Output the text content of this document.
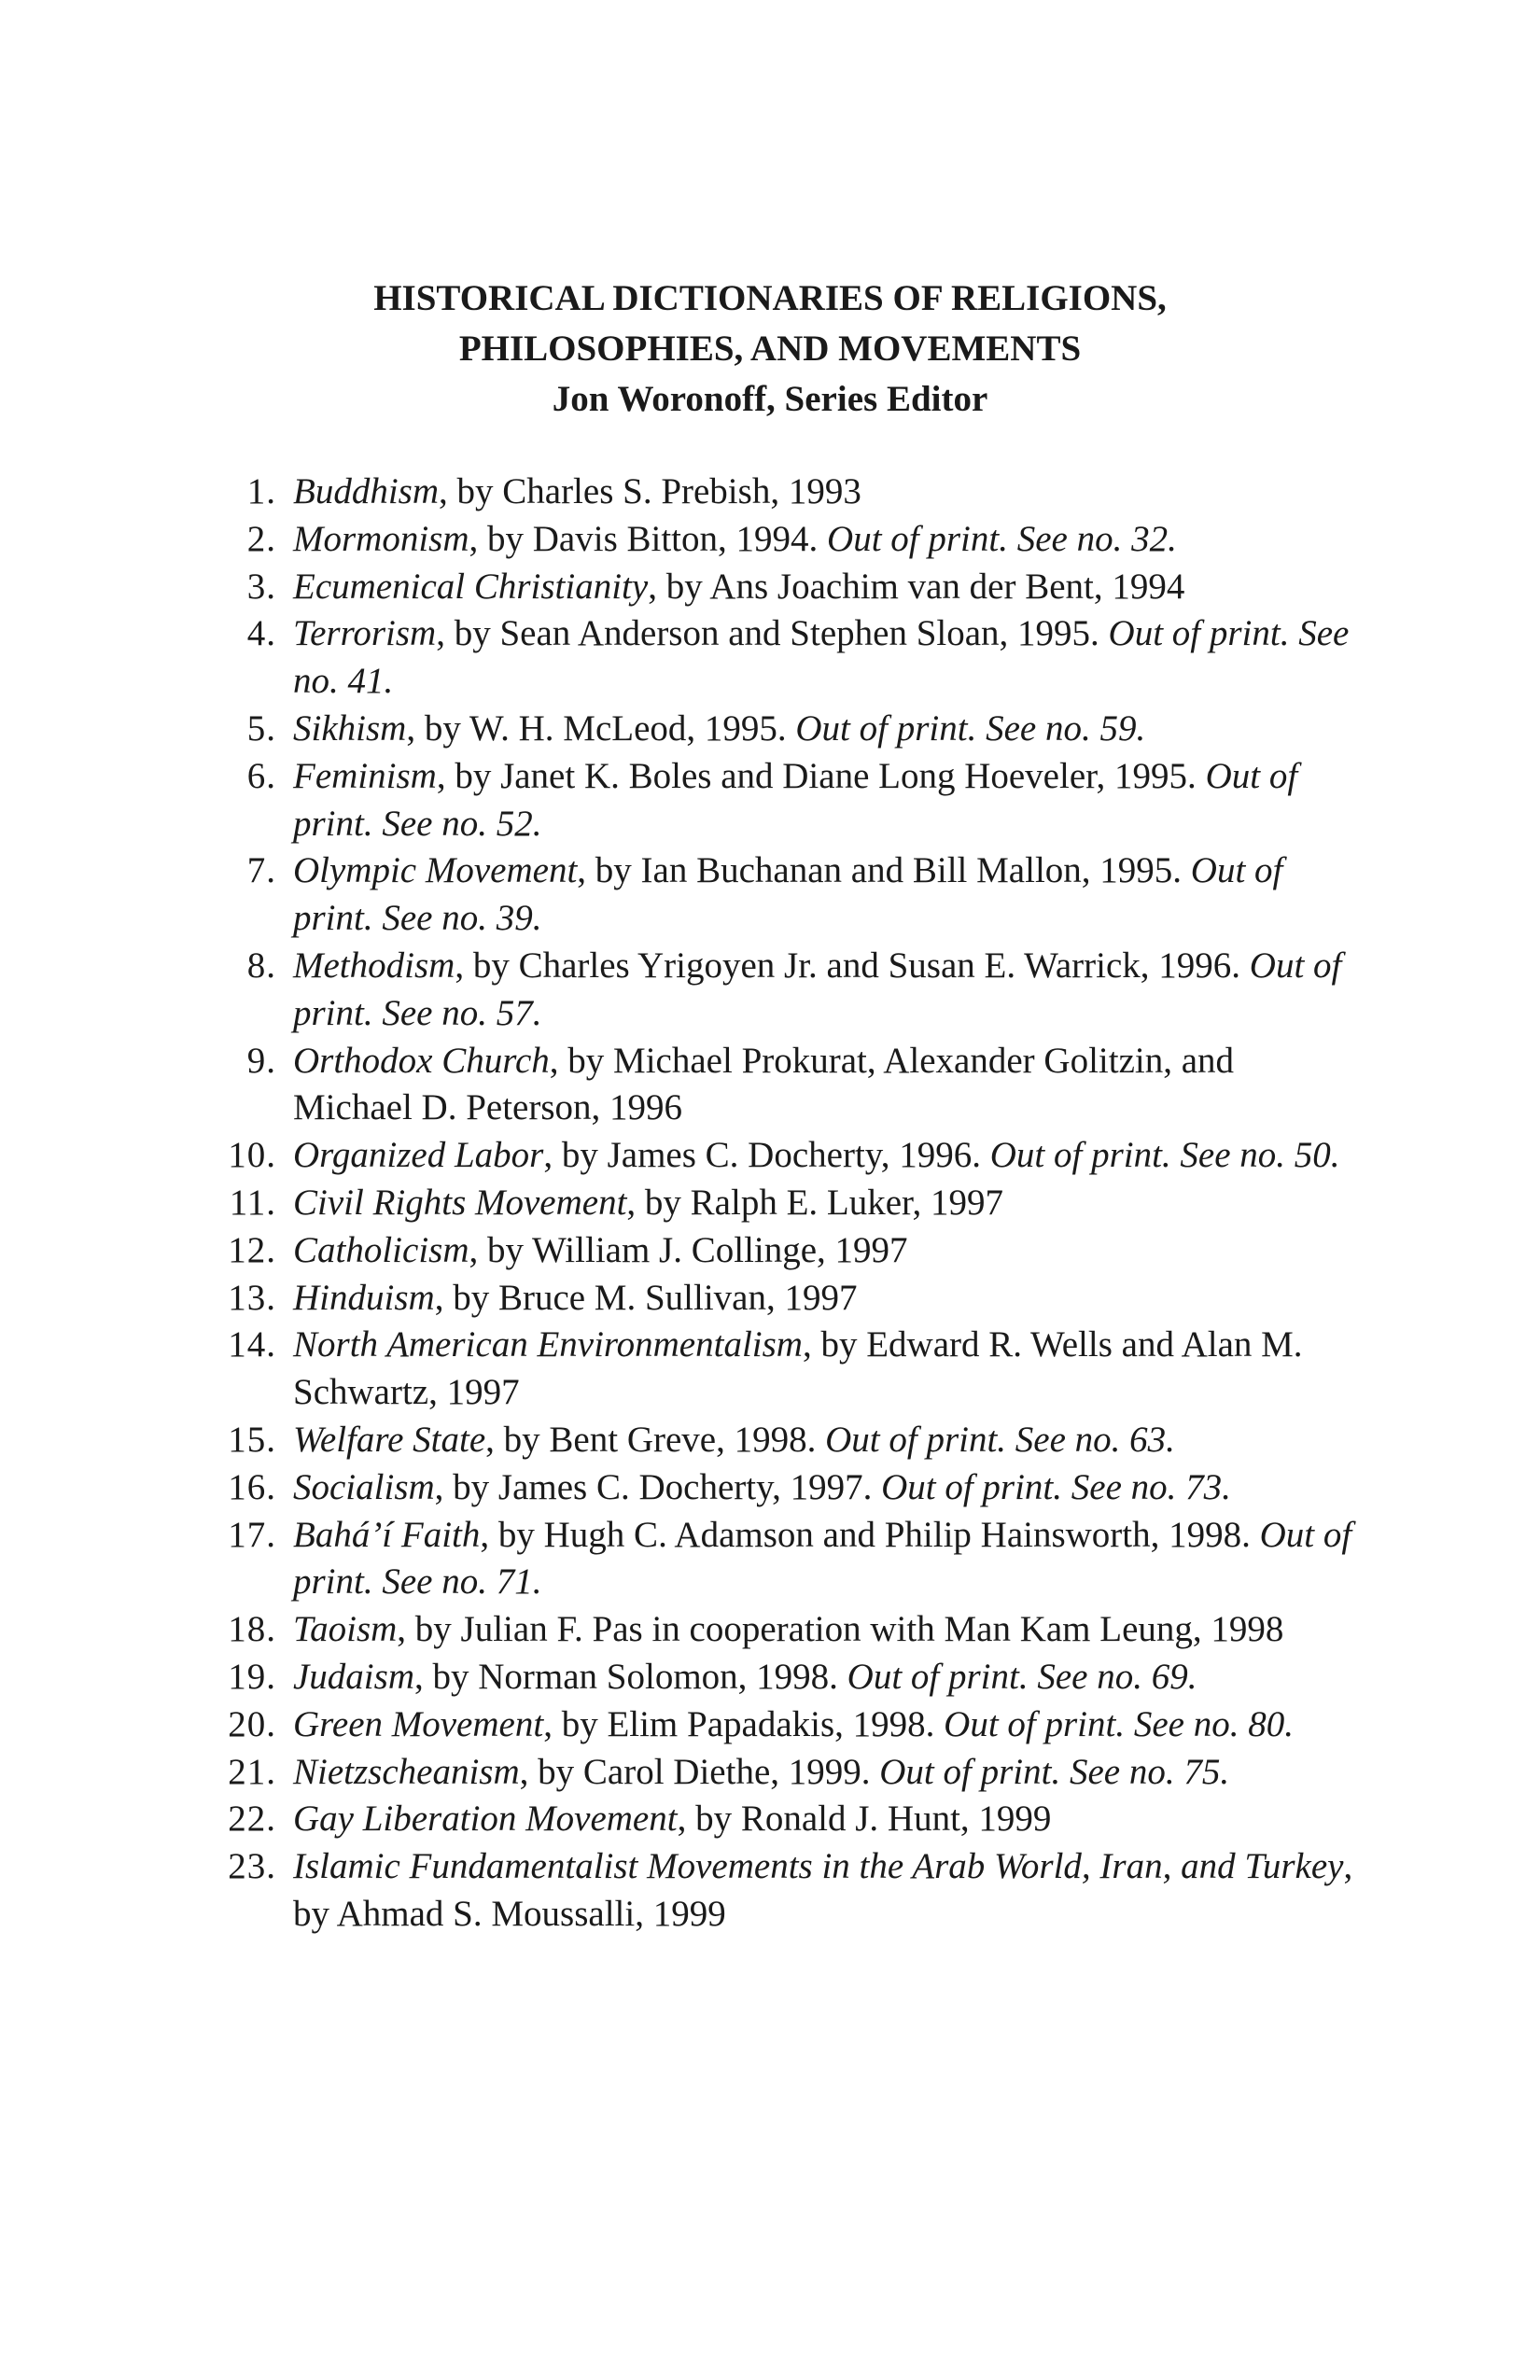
HISTORICAL DICTIONARIES OF RELIGIONS,
PHILOSOPHIES, AND MOVEMENTS
Jon Woronoff, Series Editor
1. Buddhism, by Charles S. Prebish, 1993
2. Mormonism, by Davis Bitton, 1994. Out of print. See no. 32.
3. Ecumenical Christianity, by Ans Joachim van der Bent, 1994
4. Terrorism, by Sean Anderson and Stephen Sloan, 1995. Out of print. See no. 41.
5. Sikhism, by W. H. McLeod, 1995. Out of print. See no. 59.
6. Feminism, by Janet K. Boles and Diane Long Hoeveler, 1995. Out of print. See no. 52.
7. Olympic Movement, by Ian Buchanan and Bill Mallon, 1995. Out of print. See no. 39.
8. Methodism, by Charles Yrigoyen Jr. and Susan E. Warrick, 1996. Out of print. See no. 57.
9. Orthodox Church, by Michael Prokurat, Alexander Golitzin, and Michael D. Peterson, 1996
10. Organized Labor, by James C. Docherty, 1996. Out of print. See no. 50.
11. Civil Rights Movement, by Ralph E. Luker, 1997
12. Catholicism, by William J. Collinge, 1997
13. Hinduism, by Bruce M. Sullivan, 1997
14. North American Environmentalism, by Edward R. Wells and Alan M. Schwartz, 1997
15. Welfare State, by Bent Greve, 1998. Out of print. See no. 63.
16. Socialism, by James C. Docherty, 1997. Out of print. See no. 73.
17. Bahá’í Faith, by Hugh C. Adamson and Philip Hainsworth, 1998. Out of print. See no. 71.
18. Taoism, by Julian F. Pas in cooperation with Man Kam Leung, 1998
19. Judaism, by Norman Solomon, 1998. Out of print. See no. 69.
20. Green Movement, by Elim Papadakis, 1998. Out of print. See no. 80.
21. Nietzscheanism, by Carol Diethe, 1999. Out of print. See no. 75.
22. Gay Liberation Movement, by Ronald J. Hunt, 1999
23. Islamic Fundamentalist Movements in the Arab World, Iran, and Turkey, by Ahmad S. Moussalli, 1999
